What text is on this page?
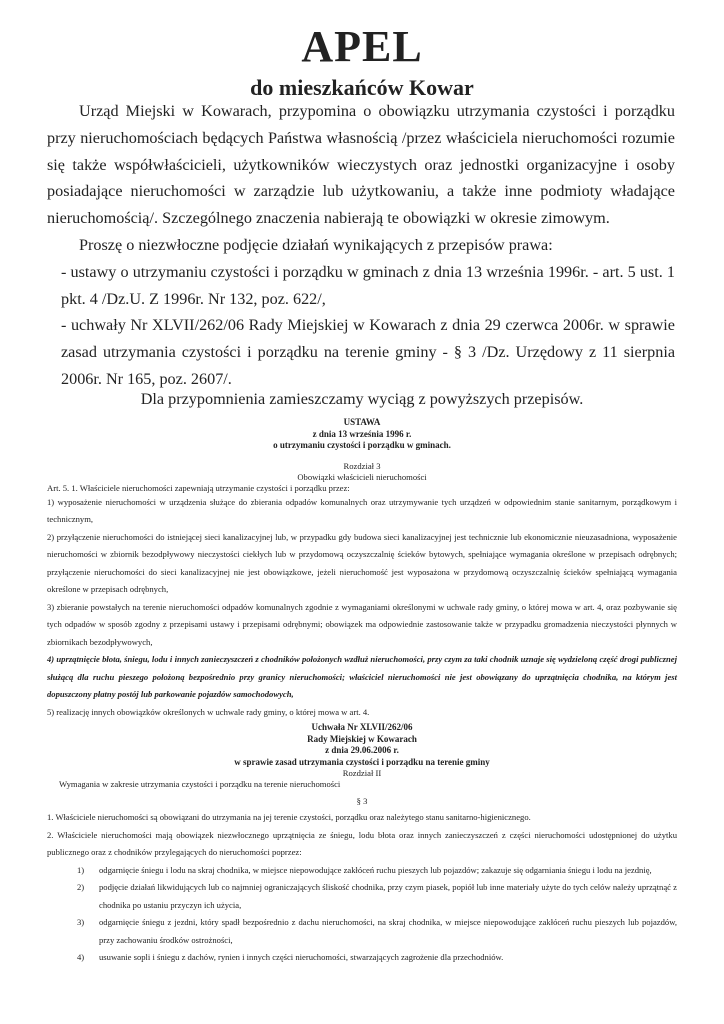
APEL
do mieszkańców Kowar

Urząd Miejski w Kowarach, przypomina o obowiązku utrzymania czystości i porządku przy nieruchomościach będących Państwa własnością /przez właściciela nieruchomości rozumie się także współwłaścicieli, użytkowników wieczystych oraz jednostki organizacyjne i osoby posiadające nieruchomości w zarządzie lub użytkowaniu, a także inne podmioty władające nieruchomością/. Szczególnego znaczenia nabierają te obowiązki w okresie zimowym.

Proszę o niezwłoczne podjęcie działań wynikających z przepisów prawa:

- ustawy o utrzymaniu czystości i porządku w gminach z dnia 13 września 1996r. - art. 5 ust. 1 pkt. 4 /Dz.U. Z 1996r. Nr 132, poz. 622/,
- uchwały Nr XLVII/262/06 Rady Miejskiej w Kowarach z dnia 29 czerwca 2006r. w sprawie zasad utrzymania czystości i porządku na terenie gminy - § 3 /Dz. Urzędowy z 11 sierpnia 2006r. Nr 165, poz. 2607/.
Dla przypomnienia zamieszczamy wyciąg z powyższych przepisów.
USTAWA
z dnia 13 września 1996 r.
o utrzymaniu czystości i porządku w gminach.
Rozdział 3
Obowiązki właścicieli nieruchomości

Art. 5. 1. Właściciele nieruchomości zapewniają utrzymanie czystości i porządku przez:

1) wyposażenie nieruchomości w urządzenia służące do zbierania odpadów komunalnych oraz utrzymywanie tych urządzeń w odpowiednim stanie sanitarnym, porządkowym i technicznym,

2) przyłączenie nieruchomości do istniejącej sieci kanalizacyjnej lub, w przypadku gdy budowa sieci kanalizacyjnej jest technicznie lub ekonomicznie nieuzasadniona, wyposażenie nieruchomości w zbiornik bezodpływowy nieczystości ciekłych lub w przydomową oczyszczalnię ścieków bytowych, spełniające wymagania określone w przepisach odrębnych; przyłączenie nieruchomości do sieci kanalizacyjnej nie jest obowiązkowe, jeżeli nieruchomość jest wyposażona w przydomową oczyszczalnię ścieków spełniającą wymagania określone w przepisach odrębnych,

3) zbieranie powstałych na terenie nieruchomości odpadów komunalnych zgodnie z wymaganiami określonymi w uchwale rady gminy, o której mowa w art. 4, oraz pozbywanie się tych odpadów w sposób zgodny z przepisami ustawy i przepisami odrębnymi; obowiązek ma odpowiednie zastosowanie także w przypadku gromadzenia nieczystości płynnych w zbiornikach bezodpływowych,

4) uprzątnięcie błota, śniegu, lodu i innych zanieczyszczeń z chodników położonych wzdłuż nieruchomości, przy czym za taki chodnik uznaje się wydzieloną część drogi publicznej służącą dla ruchu pieszego położoną bezpośrednio przy granicy nieruchomości; właściciel nieruchomości nie jest obowiązany do uprzątnięcia chodnika, na którym jest dopuszczony płatny postój lub parkowanie pojazdów samochodowych,

5) realizację innych obowiązków określonych w uchwale rady gminy, o której mowa w art. 4.

Uchwała Nr XLVII/262/06
Rady Miejskiej w Kowarach
z dnia 29.06.2006 r.
w sprawie zasad utrzymania czystości i porządku na terenie gminy
Rozdział II
Wymagania w zakresie utrzymania czystości i porządku na terenie nieruchomości
§ 3

1. Właściciele nieruchomości są obowiązani do utrzymania na jej terenie czystości, porządku oraz należytego stanu sanitarno-higienicznego.

2. Właściciele nieruchomości mają obowiązek niezwłocznego uprzątnięcia ze śniegu, lodu błota oraz innych zanieczyszczeń z części nieruchomości udostępnionej do użytku publicznego oraz z chodników przylegających do nieruchomości poprzez:

1) odgarnięcie śniegu i lodu na skraj chodnika, w miejsce niepowodujące zakłóceń ruchu pieszych lub pojazdów; zakazuje się odgarniania śniegu i lodu na jezdnię,
2) podjęcie działań likwidujących lub co najmniej ograniczających śliskość chodnika, przy czym piasek, popiół lub inne materiały użyte do tych celów należy uprzątnąć z chodnika po ustaniu przyczyn ich użycia,
3) odgarnięcie śniegu z jezdni, który spadł bezpośrednio z dachu nieruchomości, na skraj chodnika, w miejsce niepowodujące zakłóceń ruchu pieszych lub pojazdów, przy zachowaniu środków ostrożności,
4) usuwanie sopli i śniegu z dachów, rynien i innych części nieruchomości, stwarzających zagrożenie dla przechodniów.
